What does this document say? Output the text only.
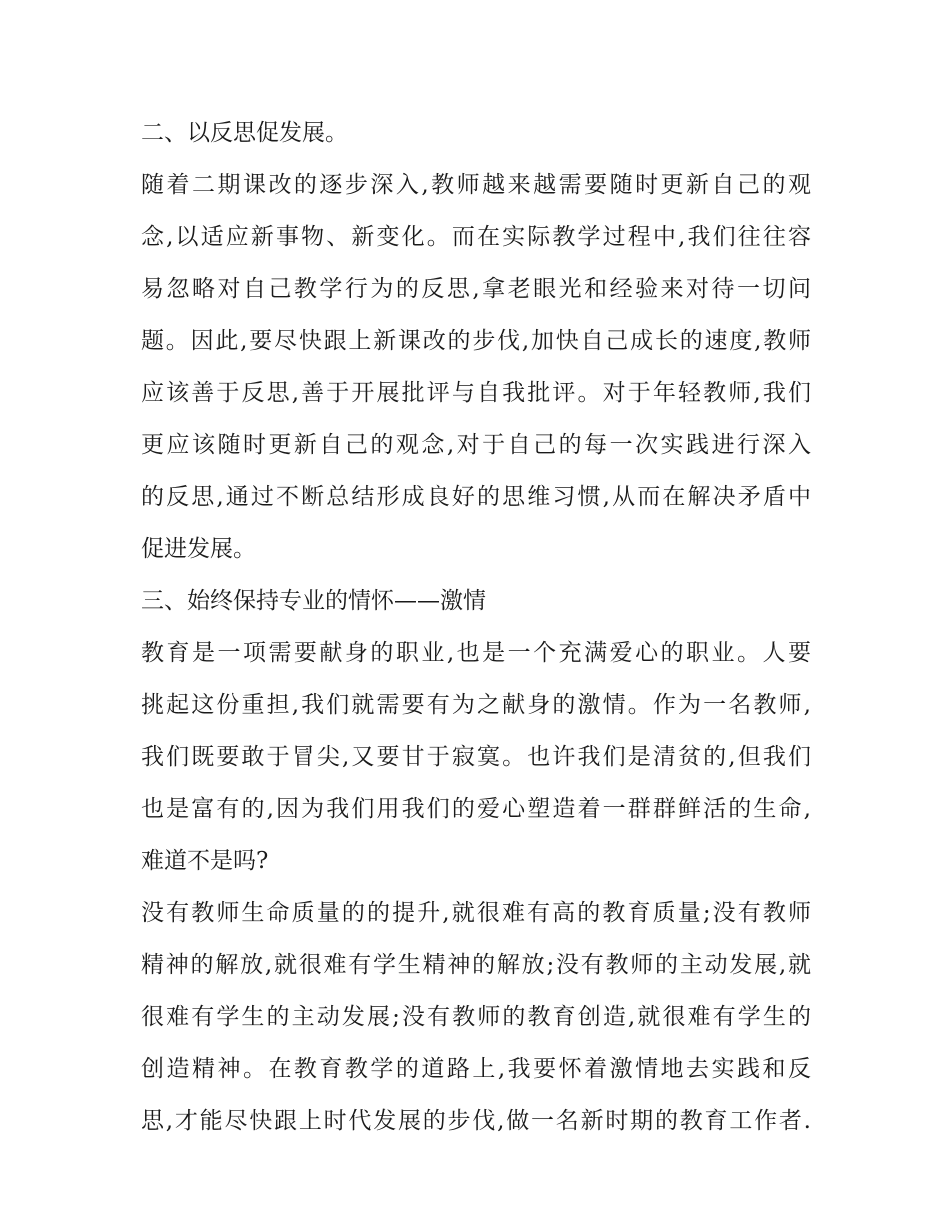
二、以反思促发展。
随着二期课改的逐步深入,教师越来越需要随时更新自己的观
念,以适应新事物、新变化。而在实际教学过程中,我们往往容
易忽略对自己教学行为的反思,拿老眼光和经验来对待一切问
题。因此,要尽快跟上新课改的步伐,加快自己成长的速度,教师
应该善于反思,善于开展批评与自我批评。对于年轻教师,我们
更应该随时更新自己的观念,对于自己的每一次实践进行深入
的反思,通过不断总结形成良好的思维习惯,从而在解决矛盾中
促进发展。
三、始终保持专业的情怀——激情
教育是一项需要献身的职业,也是一个充满爱心的职业。人要
挑起这份重担,我们就需要有为之献身的激情。作为一名教师,
我们既要敢于冒尖,又要甘于寂寞。也许我们是清贫的,但我们
也是富有的,因为我们用我们的爱心塑造着一群群鲜活的生命,
难道不是吗?
没有教师生命质量的的提升,就很难有高的教育质量;没有教师
精神的解放,就很难有学生精神的解放;没有教师的主动发展,就
很难有学生的主动发展;没有教师的教育创造,就很难有学生的
创造精神。在教育教学的道路上,我要怀着激情地去实践和反
思,才能尽快跟上时代发展的步伐,做一名新时期的教育工作者.
